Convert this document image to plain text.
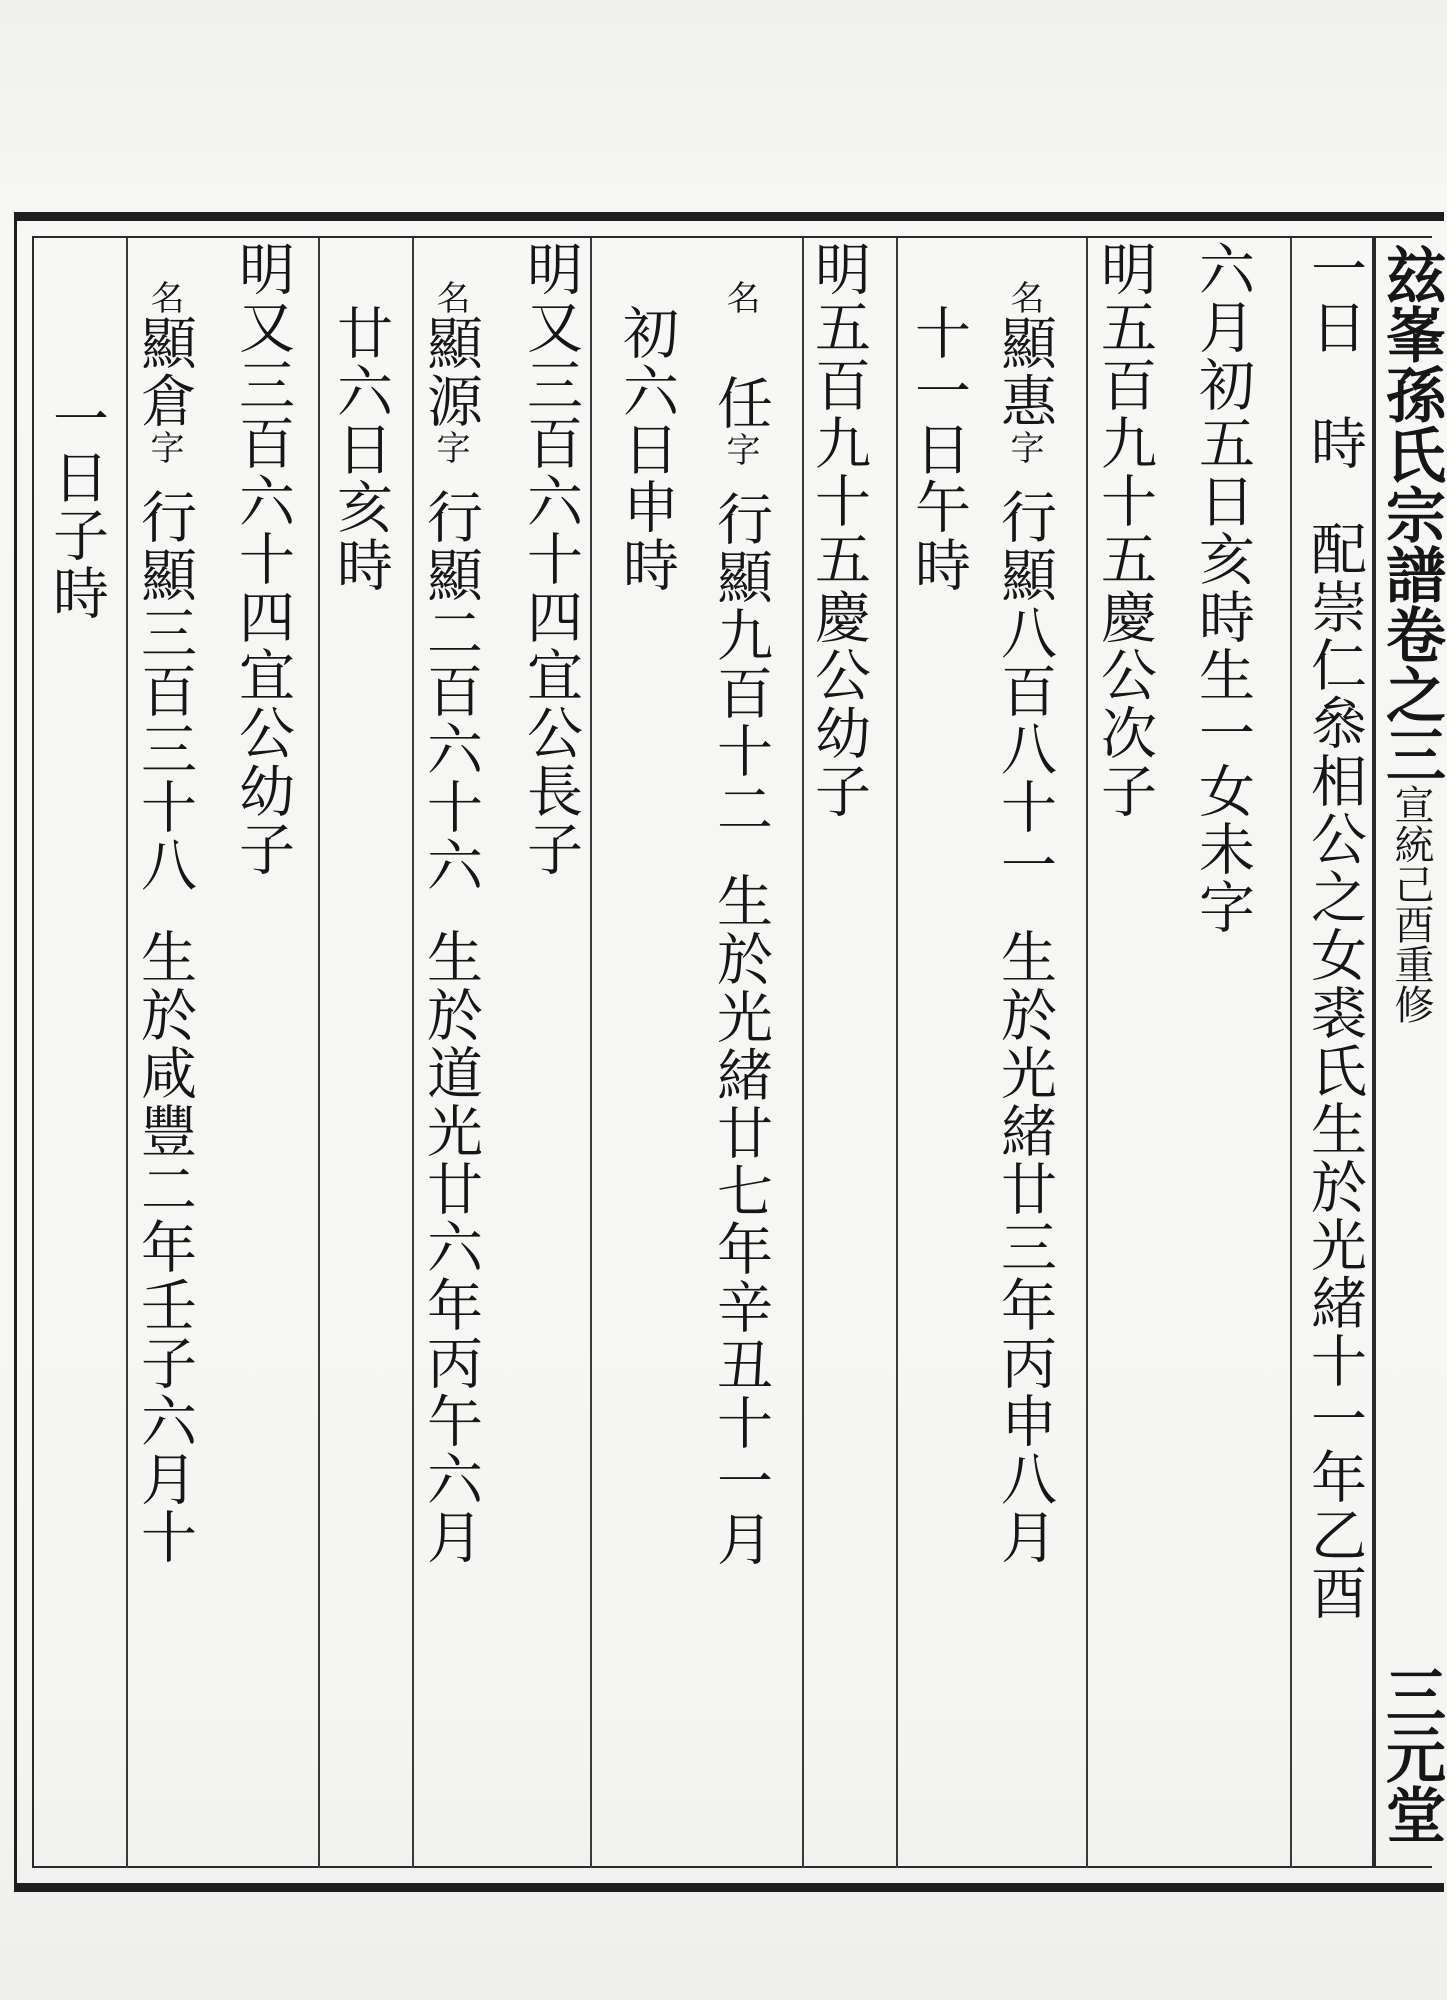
玆峯孫氏宗譜卷之三宣統己酉重修
三元堂
一日　時配崇仁叅相公之女裘氏生於光緒十一年乙酉
六月初五日亥時生一女未字
明五百九十五慶公次子
名顯惠字行顯八百八十一生於光緒廿三年丙申八月
十一日午時
明五百九十五慶公幼子
名任字行顯九百十二生於光緒廿七年辛丑十一月
初六日申時
明又三百六十四宜公長子
名顯源字行顯二百六十六生於道光廿六年丙午六月
廿六日亥時
明又三百六十四宜公幼子
名顯倉字行顯三百三十八生於咸豐二年壬子六月十
一日子時
